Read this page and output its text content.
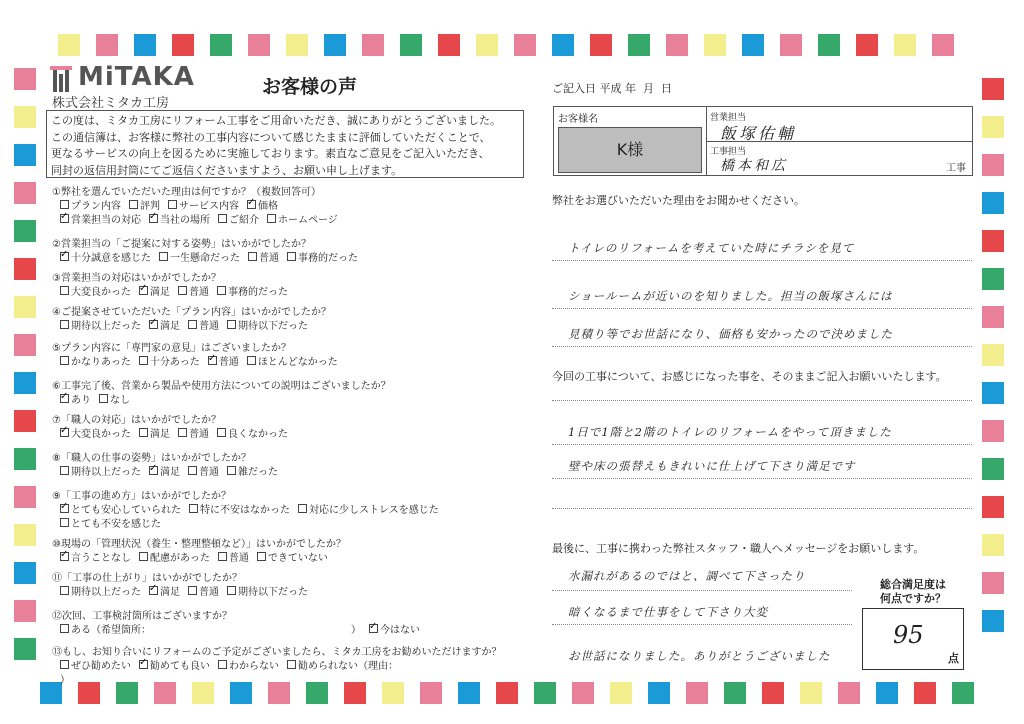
MiTAKA
株式会社ミタカ工房
お客様の声
この度は、ミタカ工房にリフォーム工事をご用命いただき、誠にありがとうございました。
この通信簿は、お客様に弊社の工事内容について感じたままに評価していただくことで、
更なるサービスの向上を図るために実施しております。素直なご意見をご記入いただき、
同封の返信用封筒にてご返信くださいますよう、お願い申し上げます。
①弊社を選んでいただいた理由は何ですか？（複数回答可）
プラン内容 評判 サービス内容 ✓ 価格
✓営業担当の対応 ✓ 当社の場所 ご紹介 ホームページ
②営業担当の「ご提案に対する姿勢」はいかがでしたか？
✓十分誠意を感じた 一生懸命だった 普通 事務的だった
③営業担当の対応はいかがでしたか？
大変良かった ✓ 満足 普通 事務的だった
④ご提案させていただいた「プラン内容」はいかがでしたか？
期待以上だった ✓ 満足 普通 期待以下だった
⑤プラン内容に「専門家の意見」はございましたか？
かなりあった 十分あった ✓ 普通 ほとんどなかった
⑥工事完了後、営業から製品や使用方法についての説明はございましたか？
✓あり なし
⑦「職人の対応」はいかがでしたか？
✓大変良かった 満足 普通 良くなかった
⑧「職人の仕事の姿勢」はいかがでしたか？
期待以上だった ✓ 満足 普通 雑だった
⑨「工事の進め方」はいかがでしたか？
✓とても安心していられた 特に不安はなかった 対応に少しストレスを感じた
とても不安を感じた
⑩現場の「管理状況（養生・整理整頓など）」はいかがでしたか？
✓言うことなし 配慮があった 普通 できていない
⑪「工事の仕上がり」はいかがでしたか？
期待以上だった ✓ 満足 普通 期待以下だった
⑫次回、工事検討箇所はございますか？
ある（希望箇所：	） ✓ 今はない
⑬もし、お知り合いにリフォームのご予定がございましたら、ミタカ工房をお勧めいただけますか？
ぜひ勧めたい ✓ 勧めても良い わからない 勧められない（理由：）
ご記入日 平成 年 月 日
お客様名
K様
営業担当
飯塚佑輔
工事担当
橋本和広	工事
弊社をお選びいただいた理由をお聞かせください。
トイレのリフォームを考えていた時にチラシを見て
ショールームが近いのを知りました。担当の飯塚さんには
見積り等でお世話になり、価格も安かったので決めました
今回の工事について、お感じになった事を、そのままご記入お願いいたします。
1日で1階と2階のトイレのリフォームをやって頂きました
壁や床の張替えもきれいに仕上げて下さり満足です
最後に、工事に携わった弊社スタッフ・職人へメッセージをお願いします。
水漏れがあるのではと、調べて下さったり
暗くなるまで仕事をして下さり大変
お世話になりました。ありがとうございました
総合満足度は
何点ですか？
95
点
